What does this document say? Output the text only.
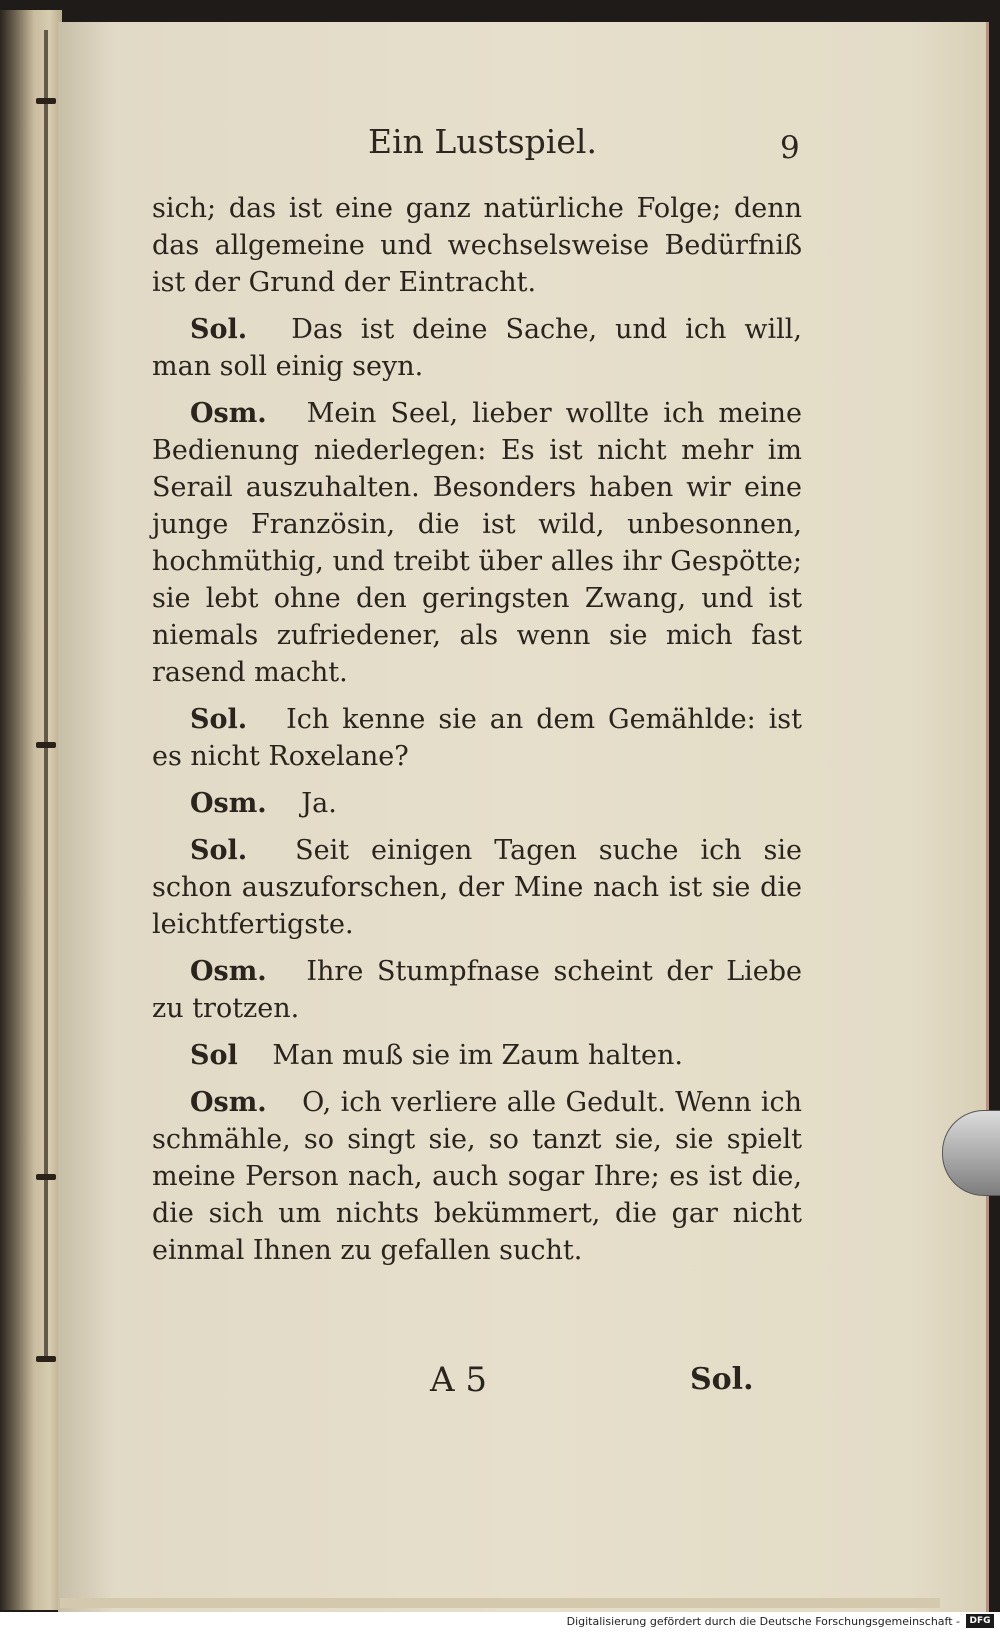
Ein Lustspiel.	9

sich; das ist eine ganz natürliche Folge; denn das allgemeine und wechselsweise Bedürfniß ist der Grund der Eintracht.

Sol. Das ist deine Sache, und ich will, man soll einig seyn.

Osm. Mein Seel, lieber wollte ich meine Bedienung niederlegen: Es ist nicht mehr im Serail auszuhalten. Besonders haben wir eine junge Französin, die ist wild, unbesonnen, hochmüthig, und treibt über alles ihr Gespötte; sie lebt ohne den geringsten Zwang, und ist niemals zufriedener, als wenn sie mich fast rasend macht.

Sol. Ich kenne sie an dem Gemählde: ist es nicht Roxelane?

Osm. Ja.

Sol. Seit einigen Tagen suche ich sie schon auszuforschen, der Mine nach ist sie die leichtfertigste.

Osm. Ihre Stumpfnase scheint der Liebe zu trotzen.

Sol Man muß sie im Zaum halten.

Osm. O, ich verliere alle Gedult. Wenn ich schmähle, so singt sie, so tanzt sie, sie spielt meine Person nach, auch sogar Ihre; es ist die, die sich um nichts bekümmert, die gar nicht einmal Ihnen zu gefallen sucht.

A 5	Sol.
Digitalisierung gefördert durch die Deutsche Forschungsgemeinschaft -	DFG
